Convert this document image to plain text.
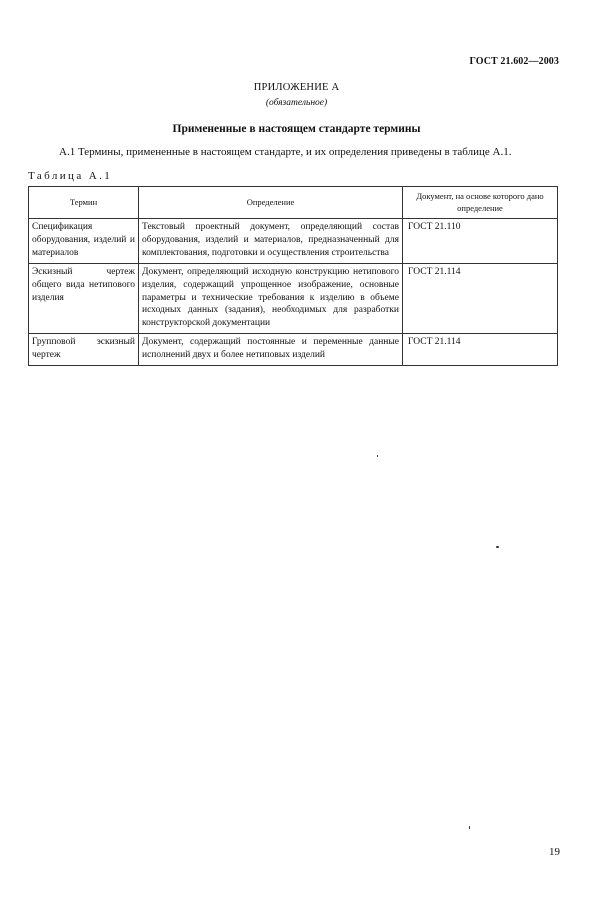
ГОСТ 21.602—2003
ПРИЛОЖЕНИЕ А
(обязательное)
Примененные в настоящем стандарте термины
А.1 Термины, примененные в настоящем стандарте, и их определения приведены в таблице А.1.
Таблица А.1
Термин	Определение	Документ, на основе которого дано определение
Спецификация оборудования, изделий и материалов	Текстовый проектный документ, определяющий состав оборудования, изделий и материалов, предназначенный для комплектования, подготовки и осуществления строительства	ГОСТ 21.110
Эскизный чертеж общего вида нетипового изделия	Документ, определяющий исходную конструкцию нетипового изделия, содержащий упрощенное изображение, основные параметры и технические требования к изделию в объеме исходных данных (задания), необходимых для разработки конструкторской документации	ГОСТ 21.114
Групповой эскизный чертеж	Документ, содержащий постоянные и переменные данные исполнений двух и более нетиповых изделий	ГОСТ 21.114
19
